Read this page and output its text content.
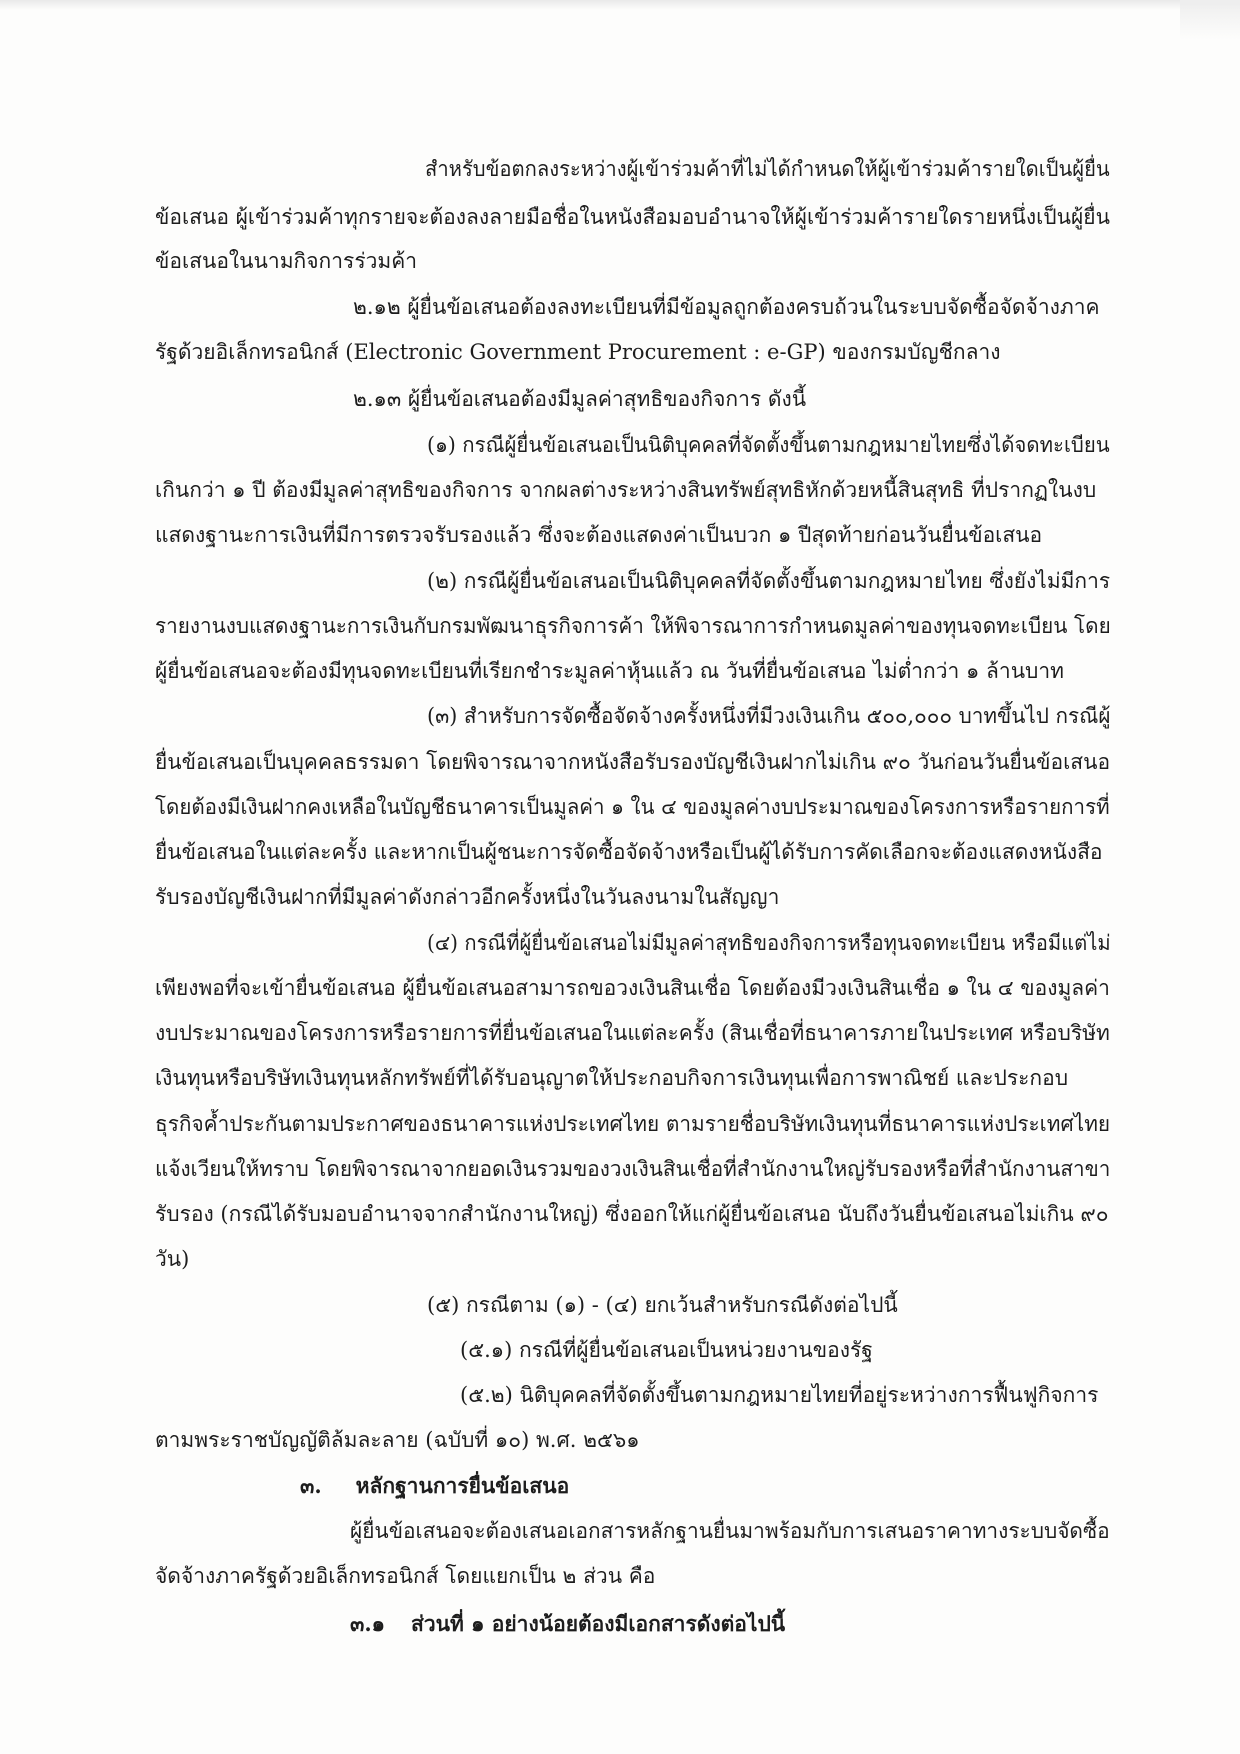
สำหรับข้อตกลงระหว่างผู้เข้าร่วมค้าที่ไม่ได้กำหนดให้ผู้เข้าร่วมค้ารายใดเป็นผู้ยื่น
ข้อเสนอ ผู้เข้าร่วมค้าทุกรายจะต้องลงลายมือชื่อในหนังสือมอบอำนาจให้ผู้เข้าร่วมค้ารายใดรายหนึ่งเป็นผู้ยื่น
ข้อเสนอในนามกิจการร่วมค้า
๒.๑๒ ผู้ยื่นข้อเสนอต้องลงทะเบียนที่มีข้อมูลถูกต้องครบถ้วนในระบบจัดซื้อจัดจ้างภาค
รัฐด้วยอิเล็กทรอนิกส์ (Electronic Government Procurement : e-GP) ของกรมบัญชีกลาง
๒.๑๓ ผู้ยื่นข้อเสนอต้องมีมูลค่าสุทธิของกิจการ ดังนี้
(๑) กรณีผู้ยื่นข้อเสนอเป็นนิติบุคคลที่จัดตั้งขึ้นตามกฎหมายไทยซึ่งได้จดทะเบียน
เกินกว่า ๑ ปี ต้องมีมูลค่าสุทธิของกิจการ จากผลต่างระหว่างสินทรัพย์สุทธิหักด้วยหนี้สินสุทธิ ที่ปรากฏในงบ
แสดงฐานะการเงินที่มีการตรวจรับรองแล้ว ซึ่งจะต้องแสดงค่าเป็นบวก ๑ ปีสุดท้ายก่อนวันยื่นข้อเสนอ
(๒) กรณีผู้ยื่นข้อเสนอเป็นนิติบุคคลที่จัดตั้งขึ้นตามกฎหมายไทย ซึ่งยังไม่มีการ
รายงานงบแสดงฐานะการเงินกับกรมพัฒนาธุรกิจการค้า ให้พิจารณาการกำหนดมูลค่าของทุนจดทะเบียน โดย
ผู้ยื่นข้อเสนอจะต้องมีทุนจดทะเบียนที่เรียกชำระมูลค่าหุ้นแล้ว ณ วันที่ยื่นข้อเสนอ ไม่ต่ำกว่า ๑ ล้านบาท
(๓) สำหรับการจัดซื้อจัดจ้างครั้งหนึ่งที่มีวงเงินเกิน ๕๐๐,๐๐๐ บาทขึ้นไป กรณีผู้
ยื่นข้อเสนอเป็นบุคคลธรรมดา โดยพิจารณาจากหนังสือรับรองบัญชีเงินฝากไม่เกิน ๙๐ วันก่อนวันยื่นข้อเสนอ
โดยต้องมีเงินฝากคงเหลือในบัญชีธนาคารเป็นมูลค่า ๑ ใน ๔ ของมูลค่างบประมาณของโครงการหรือรายการที่
ยื่นข้อเสนอในแต่ละครั้ง และหากเป็นผู้ชนะการจัดซื้อจัดจ้างหรือเป็นผู้ได้รับการคัดเลือกจะต้องแสดงหนังสือ
รับรองบัญชีเงินฝากที่มีมูลค่าดังกล่าวอีกครั้งหนึ่งในวันลงนามในสัญญา
(๔) กรณีที่ผู้ยื่นข้อเสนอไม่มีมูลค่าสุทธิของกิจการหรือทุนจดทะเบียน หรือมีแต่ไม่
เพียงพอที่จะเข้ายื่นข้อเสนอ ผู้ยื่นข้อเสนอสามารถขอวงเงินสินเชื่อ โดยต้องมีวงเงินสินเชื่อ ๑ ใน ๔ ของมูลค่า
งบประมาณของโครงการหรือรายการที่ยื่นข้อเสนอในแต่ละครั้ง (สินเชื่อที่ธนาคารภายในประเทศ หรือบริษัท
เงินทุนหรือบริษัทเงินทุนหลักทรัพย์ที่ได้รับอนุญาตให้ประกอบกิจการเงินทุนเพื่อการพาณิชย์ และประกอบ
ธุรกิจค้ำประกันตามประกาศของธนาคารแห่งประเทศไทย ตามรายชื่อบริษัทเงินทุนที่ธนาคารแห่งประเทศไทย
แจ้งเวียนให้ทราบ โดยพิจารณาจากยอดเงินรวมของวงเงินสินเชื่อที่สำนักงานใหญ่รับรองหรือที่สำนักงานสาขา
รับรอง (กรณีได้รับมอบอำนาจจากสำนักงานใหญ่) ซึ่งออกให้แก่ผู้ยื่นข้อเสนอ นับถึงวันยื่นข้อเสนอไม่เกิน ๙๐
วัน)
(๕) กรณีตาม (๑) - (๔) ยกเว้นสำหรับกรณีดังต่อไปนี้
(๕.๑) กรณีที่ผู้ยื่นข้อเสนอเป็นหน่วยงานของรัฐ
(๕.๒) นิติบุคคลที่จัดตั้งขึ้นตามกฎหมายไทยที่อยู่ระหว่างการฟื้นฟูกิจการ
ตามพระราชบัญญัติล้มละลาย (ฉบับที่ ๑๐) พ.ศ. ๒๕๖๑
๓. หลักฐานการยื่นข้อเสนอ
ผู้ยื่นข้อเสนอจะต้องเสนอเอกสารหลักฐานยื่นมาพร้อมกับการเสนอราคาทางระบบจัดซื้อ
จัดจ้างภาครัฐด้วยอิเล็กทรอนิกส์ โดยแยกเป็น ๒ ส่วน คือ
๓.๑ ส่วนที่ ๑ อย่างน้อยต้องมีเอกสารดังต่อไปนี้
